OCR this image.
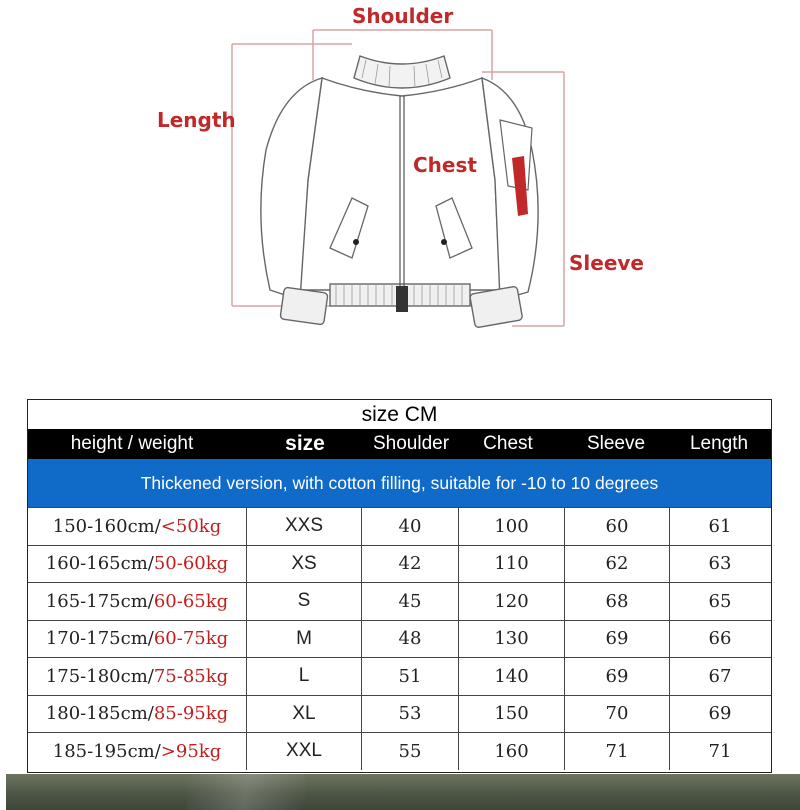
Shoulder
Length
Chest
Sleeve
size CM
height / weight	size	Shoulder	Chest	Sleeve	Length
Thickened version, with cotton filling, suitable for -10 to 10 degrees
150-160cm/ <50kg	XXS	40	100	60	61
160-165cm/ 50-60kg	XS	42	110	62	63
165-175cm/ 60-65kg	S	45	120	68	65
170-175cm/ 60-75kg	M	48	130	69	66
175-180cm/ 75-85kg	L	51	140	69	67
180-185cm/ 85-95kg	XL	53	150	70	69
185-195cm/ >95kg	XXL	55	160	71	71
